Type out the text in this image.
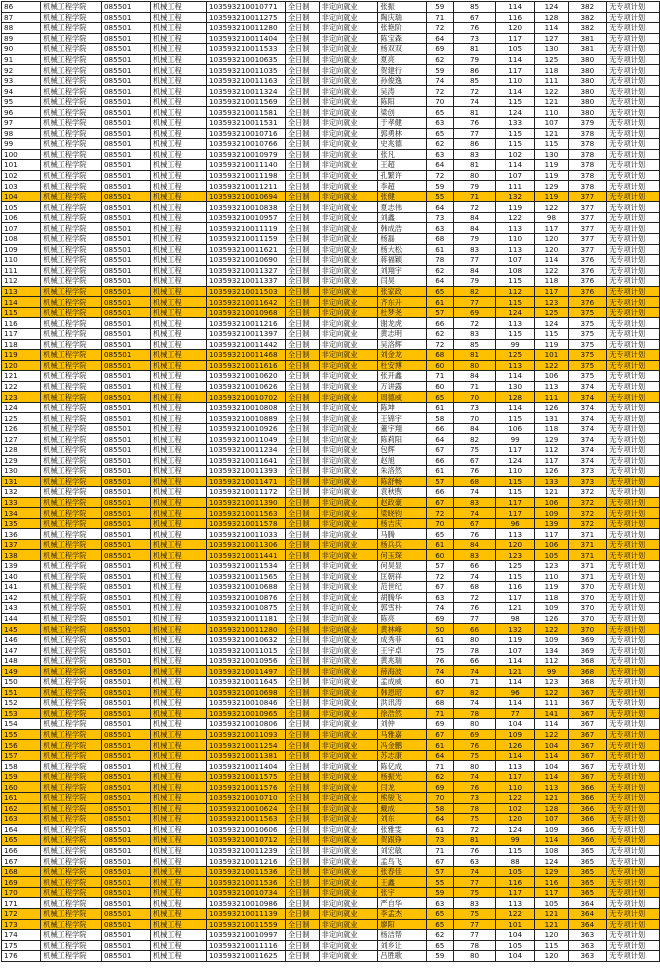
86	机械工程学院	085501	机械工程	103593210010771	全日制	非定向就业	张振	59	85	114	124	382	无专项计划
87	机械工程学院	085501	机械工程	103593210011275	全日制	非定向就业	陶庆瑞	71	67	116	128	382	无专项计划
88	机械工程学院	085501	机械工程	103593210011280	全日制	非定向就业	张艳阶	72	76	120	114	382	无专项计划
89	机械工程学院	085501	机械工程	103593210011404	全日制	非定向就业	陈宝森	64	73	117	127	381	无专项计划
90	机械工程学院	085501	机械工程	103593210011533	全日制	非定向就业	杨双双	69	81	105	130	381	无专项计划
91	机械工程学院	085501	机械工程	103593210010635	全日制	非定向就业	夏亮	62	79	114	125	380	无专项计划
92	机械工程学院	085501	机械工程	103593210011035	全日制	非定向就业	贺建行	59	86	117	118	380	无专项计划
93	机械工程学院	085501	机械工程	103593210011163	全日制	非定向就业	孙俊逸	74	85	110	111	380	无专项计划
94	机械工程学院	085501	机械工程	103593210011324	全日制	非定向就业	吴涛	72	72	114	122	380	无专项计划
95	机械工程学院	085501	机械工程	103593210011569	全日制	非定向就业	陈阳	70	74	115	121	380	无专项计划
96	机械工程学院	085501	机械工程	103593210011581	全日制	非定向就业	梁创	65	81	124	110	380	无专项计划
97	机械工程学院	085501	机械工程	103593210011531	全日制	非定向就业	于孝健	63	76	133	107	379	无专项计划
98	机械工程学院	085501	机械工程	103593210010716	全日制	非定向就业	郭勇林	65	77	115	121	378	无专项计划
99	机械工程学院	085501	机械工程	103593210010766	全日制	非定向就业	史兆德	62	86	115	115	378	无专项计划
100	机械工程学院	085501	机械工程	103593210010979	全日制	非定向就业	张凡	63	83	102	130	378	无专项计划
101	机械工程学院	085501	机械工程	103593210011140	全日制	非定向就业	王超	64	81	114	119	378	无专项计划
102	机械工程学院	085501	机械工程	103593210011198	全日制	非定向就业	孔繁许	72	80	107	119	378	无专项计划
103	机械工程学院	085501	机械工程	103593210011211	全日制	非定向就业	李超	59	79	111	129	378	无专项计划
104	机械工程学院	085501	机械工程	103593210010694	全日制	非定向就业	张健	55	71	132	119	377	无专项计划
105	机械工程学院	085501	机械工程	103593210010838	全日制	非定向就业	夏志伟	64	72	119	122	377	无专项计划
106	机械工程学院	085501	机械工程	103593210010957	全日制	非定向就业	刘鑫	73	84	122	98	377	无专项计划
107	机械工程学院	085501	机械工程	103593210011119	全日制	非定向就业	韩成浩	63	84	113	117	377	无专项计划
108	机械工程学院	085501	机械工程	103593210011159	全日制	非定向就业	杨磊	68	79	110	120	377	无专项计划
109	机械工程学院	085501	机械工程	103593210011621	全日制	非定向就业	杨大松	61	83	113	120	377	无专项计划
110	机械工程学院	085501	机械工程	103593210010690	全日制	非定向就业	蒋福颖	78	77	107	114	376	无专项计划
111	机械工程学院	085501	机械工程	103593210011327	全日制	非定向就业	刘翔宇	62	84	108	122	376	无专项计划
112	机械工程学院	085501	机械工程	103593210011337	全日制	非定向就业	闫昊	64	79	115	118	376	无专项计划
113	机械工程学院	085501	机械工程	103593210011503	全日制	非定向就业	张家政	65	82	112	117	376	无专项计划
114	机械工程学院	085501	机械工程	103593210011642	全日制	非定向就业	齐东升	61	77	115	123	376	无专项计划
115	机械工程学院	085501	机械工程	103593210010968	全日制	非定向就业	杜梦尧	57	69	124	125	375	无专项计划
116	机械工程学院	085501	机械工程	103593210011216	全日制	非定向就业	谢龙虎	66	72	113	124	375	无专项计划
117	机械工程学院	085501	机械工程	103593210011397	全日制	非定向就业	黄志明	62	83	115	115	375	无专项计划
118	机械工程学院	085501	机械工程	103593210011442	全日制	非定向就业	吴洛辉	72	85	99	119	375	无专项计划
119	机械工程学院	085501	机械工程	103593210011468	全日制	非定向就业	刘金龙	68	81	125	101	375	无专项计划
120	机械工程学院	085501	机械工程	103593210011616	全日制	非定向就业	杜安博	60	80	113	122	375	无专项计划
121	机械工程学院	085501	机械工程	103593210010620	全日制	非定向就业	张开鑫	71	84	114	106	375	无专项计划
122	机械工程学院	085501	机械工程	103593210010626	全日制	非定向就业	万讲露	60	71	130	113	374	无专项计划
123	机械工程学院	085501	机械工程	103593210010702	全日制	非定向就业	周德威	65	70	128	111	374	无专项计划
124	机械工程学院	085501	机械工程	103593210010808	全日制	非定向就业	陈坤	61	73	114	126	374	无专项计划
125	机械工程学院	085501	机械工程	103593210010889	全日制	非定向就业	王锦宇	58	70	115	131	374	无专项计划
126	机械工程学院	085501	机械工程	103593210010926	全日制	非定向就业	董宇翔	66	84	106	118	374	无专项计划
127	机械工程学院	085501	机械工程	103593210011049	全日制	非定向就业	陈莉阳	64	82	99	129	374	无专项计划
128	机械工程学院	085501	机械工程	103593210011234	全日制	非定向就业	包辉	67	75	117	112	374	无专项计划
129	机械工程学院	085501	机械工程	103593210011641	全日制	非定向就业	赵旭	66	67	124	117	374	无专项计划
130	机械工程学院	085501	机械工程	103593210011393	全日制	非定向就业	朱洛然	61	76	110	126	373	无专项计划
131	机械工程学院	085501	机械工程	103593210011471	全日制	非定向就业	陈舒畅	57	68	115	133	373	无专项计划
132	机械工程学院	085501	机械工程	103593210011172	全日制	非定向就业	袁秋煦	66	74	115	121	372	无专项计划
133	机械工程学院	085501	机械工程	103593210011390	全日制	非定向就业	赵政豪	67	83	117	106	372	无专项计划
134	机械工程学院	085501	机械工程	103593210011563	全日制	非定向就业	梁晓钧	72	74	117	109	372	无专项计划
135	机械工程学院	085501	机械工程	103593210011578	全日制	非定向就业	杨吉庆	70	67	96	139	372	无专项计划
136	机械工程学院	085501	机械工程	103593210011033	全日制	非定向就业	马腾	65	76	113	117	371	无专项计划
137	机械工程学院	085501	机械工程	103593210011306	全日制	非定向就业	杨兵兵	61	84	120	106	371	无专项计划
138	机械工程学院	085501	机械工程	103593210011441	全日制	非定向就业	何玉琛	60	83	123	105	371	无专项计划
139	机械工程学院	085501	机械工程	103593210011534	全日制	非定向就业	何昊显	57	66	125	123	371	无专项计划
140	机械工程学院	085501	机械工程	103593210011565	全日制	非定向就业	匡朝祥	72	74	115	110	371	无专项计划
141	机械工程学院	085501	机械工程	103593210010688	全日制	非定向就业	范世纪	67	68	116	119	370	无专项计划
142	机械工程学院	085501	机械工程	103593210010876	全日制	非定向就业	胡腾华	63	72	117	118	370	无专项计划
143	机械工程学院	085501	机械工程	103593210010875	全日制	非定向就业	郭雪朴	74	76	121	109	370	无专项计划
144	机械工程学院	085501	机械工程	103593210011181	全日制	非定向就业	陈亮	69	77	98	126	370	无专项计划
145	机械工程学院	085501	机械工程	103593210011280	全日制	非定向就业	黄林峰	50	66	132	122	370	无专项计划
146	机械工程学院	085501	机械工程	103593210010632	全日制	非定向就业	成秀菲	61	80	119	109	369	无专项计划
147	机械工程学院	085501	机械工程	103593210011015	全日制	非定向就业	王宇卓	75	78	107	134	369	无专项计划
148	机械工程学院	085501	机械工程	103593210010956	全日制	非定向就业	黄兆瑞	76	66	114	112	368	无专项计划
149	机械工程学院	085501	机械工程	103593210011497	全日制	非定向就业	薛海波	74	74	121	99	368	无专项计划
150	机械工程学院	085501	机械工程	103593210011645	全日制	非定向就业	孟成威	60	71	114	123	368	无专项计划
151	机械工程学院	085501	机械工程	103593210010698	全日制	非定向就业	韩恩昭	67	82	96	122	367	无专项计划
152	机械工程学院	085501	机械工程	103593210010846	全日制	非定向就业	洪讯涛	68	74	114	111	367	无专项计划
153	机械工程学院	085501	机械工程	103593210010965	全日制	非定向就业	徐浩然	71	78	77	141	367	无专项计划
154	机械工程学院	085501	机械工程	103593210010806	全日制	非定向就业	刘仲	69	80	104	114	367	无专项计划
155	机械工程学院	085501	机械工程	103593210011093	全日制	非定向就业	马雅嘉	67	69	109	122	367	无专项计划
156	机械工程学院	085501	机械工程	103593210011254	全日制	非定向就业	冯金鹏	61	76	126	104	367	无专项计划
157	机械工程学院	085501	机械工程	103593210011381	全日制	非定向就业	苏志康	64	75	114	114	367	无专项计划
158	机械工程学院	085501	机械工程	103593210011404	全日制	非定向就业	陈亿成	71	80	113	104	367	无专项计划
159	机械工程学院	085501	机械工程	103593210011575	全日制	非定向就业	杨振光	62	74	117	114	367	无专项计划
160	机械工程学院	085501	机械工程	103593210011576	全日制	非定向就业	闫龙	69	76	110	113	366	无专项计划
161	机械工程学院	085501	机械工程	103593210010710	全日制	非定向就业	熊骏飞	70	73	122	121	366	无专项计划
162	机械工程学院	085501	机械工程	103593210010624	全日制	非定向就业	戴成	58	78	102	128	366	无专项计划
163	机械工程学院	085501	机械工程	103593210011563	全日制	非定向就业	刘东	64	75	120	107	366	无专项计划
164	机械工程学院	085501	机械工程	103593210010606	全日制	非定向就业	张雅雯	61	72	124	109	366	无专项计划
165	机械工程学院	085501	机械工程	103593210010712	全日制	非定向就业	贺跟铮	73	81	99	114	366	无专项计划
166	机械工程学院	085501	机械工程	103593210011239	全日制	非定向就业	刘宏敏	71	76	115	108	365	无专项计划
167	机械工程学院	085501	机械工程	103593210011216	全日制	非定向就业	孟鸟飞	67	63	88	124	365	无专项计划
168	机械工程学院	085501	机械工程	103593210011536	全日制	非定向就业	张春佳	57	74	105	129	365	无专项计划
169	机械工程学院	085501	机械工程	103593210011536	全日制	非定向就业	王鑫	55	77	116	116	365	无专项计划
170	机械工程学院	085501	机械工程	103593210010734	全日制	非定向就业	张宇	59	75	117	117	365	无专项计划
171	机械工程学院	085501	机械工程	103593210010986	全日制	非定向就业	严自华	63	83	113	105	364	无专项计划
172	机械工程学院	085501	机械工程	103593210011139	全日制	非定向就业	李孟杰	65	75	122	121	364	无专项计划
173	机械工程学院	085501	机械工程	103593210011559	全日制	非定向就业	廖阳	65	77	101	121	364	无专项计划
174	机械工程学院	085501	机械工程	103593210010997	全日制	非定向就业	杨洁帮	62	77	104	120	363	无专项计划
175	机械工程学院	085501	机械工程	103593210011116	全日制	非定向就业	刘乡让	65	78	105	115	363	无专项计划
176	机械工程学院	085501	机械工程	103593210011625	全日制	非定向就业	吕胜歌	59	80	104	120	363	无专项计划
